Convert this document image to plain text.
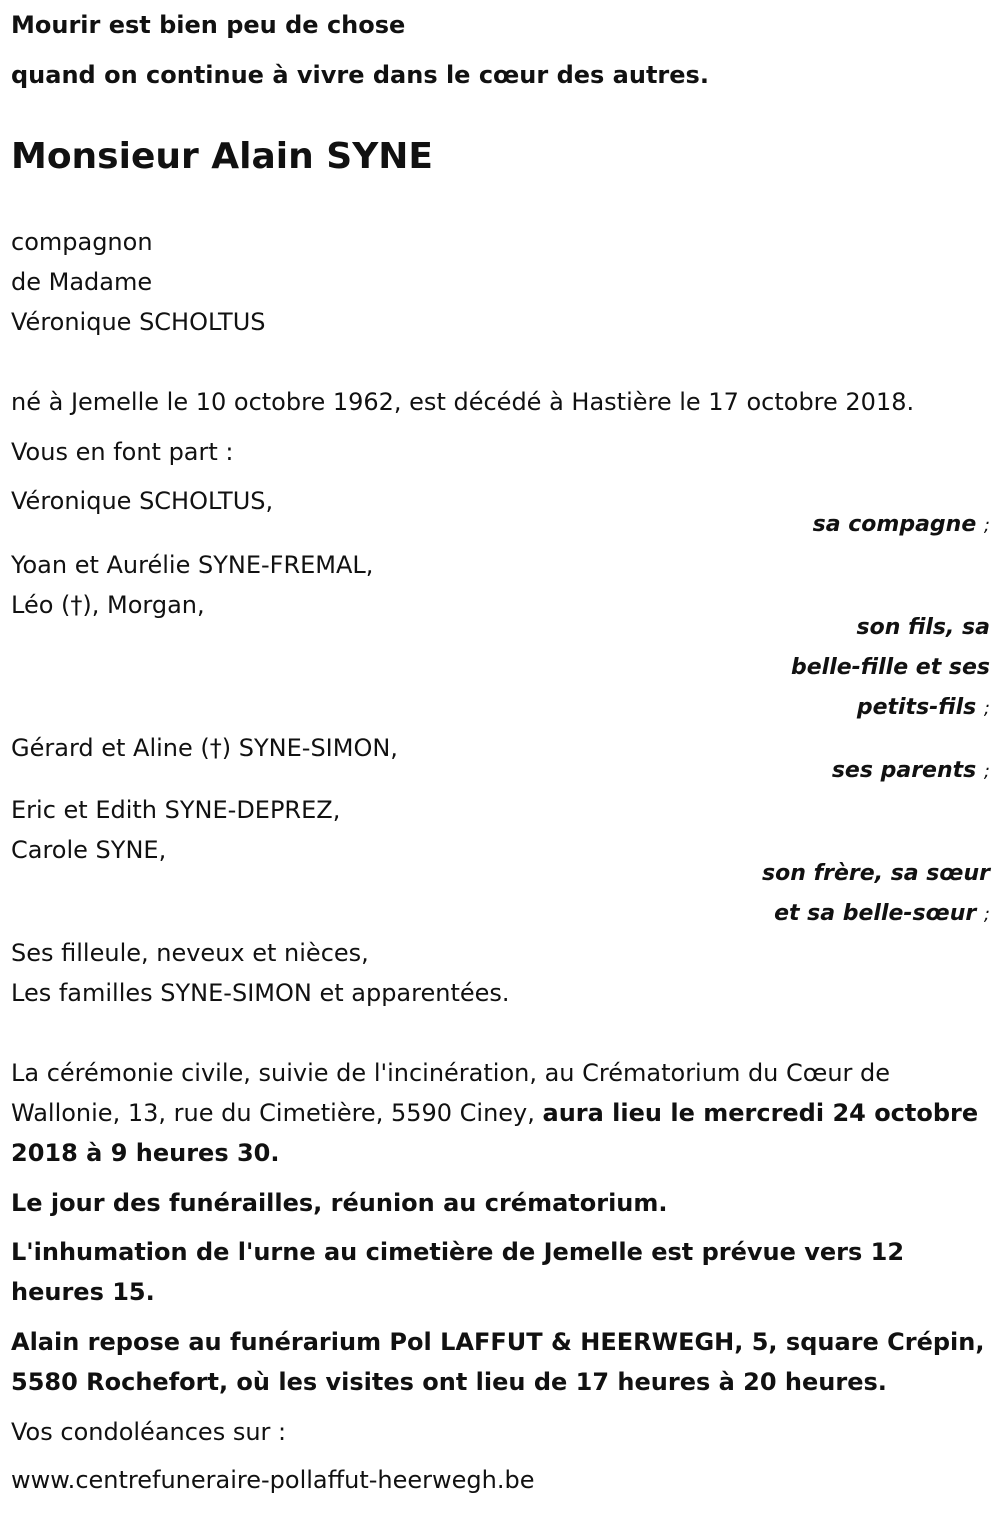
Mourir est bien peu de chose

quand on continue à vivre dans le cœur des autres.

Monsieur Alain SYNE

compagnon

de Madame

Véronique SCHOLTUS

né à Jemelle le 10 octobre 1962, est décédé à Hastière le 17 octobre 2018.

Vous en font part :

Véronique SCHOLTUS,

sa compagne ;

Yoan et Aurélie SYNE-FREMAL,

Léo (†), Morgan,

son fils, sa

belle-fille et ses

petits-fils ;

Gérard et Aline (†) SYNE-SIMON,

ses parents ;

Eric et Edith SYNE-DEPREZ,

Carole SYNE,

son frère, sa sœur

et sa belle-sœur ;

Ses filleule, neveux et nièces,

Les familles SYNE-SIMON et apparentées.

La cérémonie civile, suivie de l'incinération, au Crématorium du Cœur de Wallonie, 13, rue du Cimetière, 5590 Ciney, aura lieu le mercredi 24 octobre 2018 à 9 heures 30.

Le jour des funérailles, réunion au crématorium.

L'inhumation de l'urne au cimetière de Jemelle est prévue vers 12 heures 15.

Alain repose au funérarium Pol LAFFUT & HEERWEGH, 5, square Crépin, 5580 Rochefort, où les visites ont lieu de 17 heures à 20 heures.

Vos condoléances sur :

www.centrefuneraire-pollaffut-heerwegh.be
